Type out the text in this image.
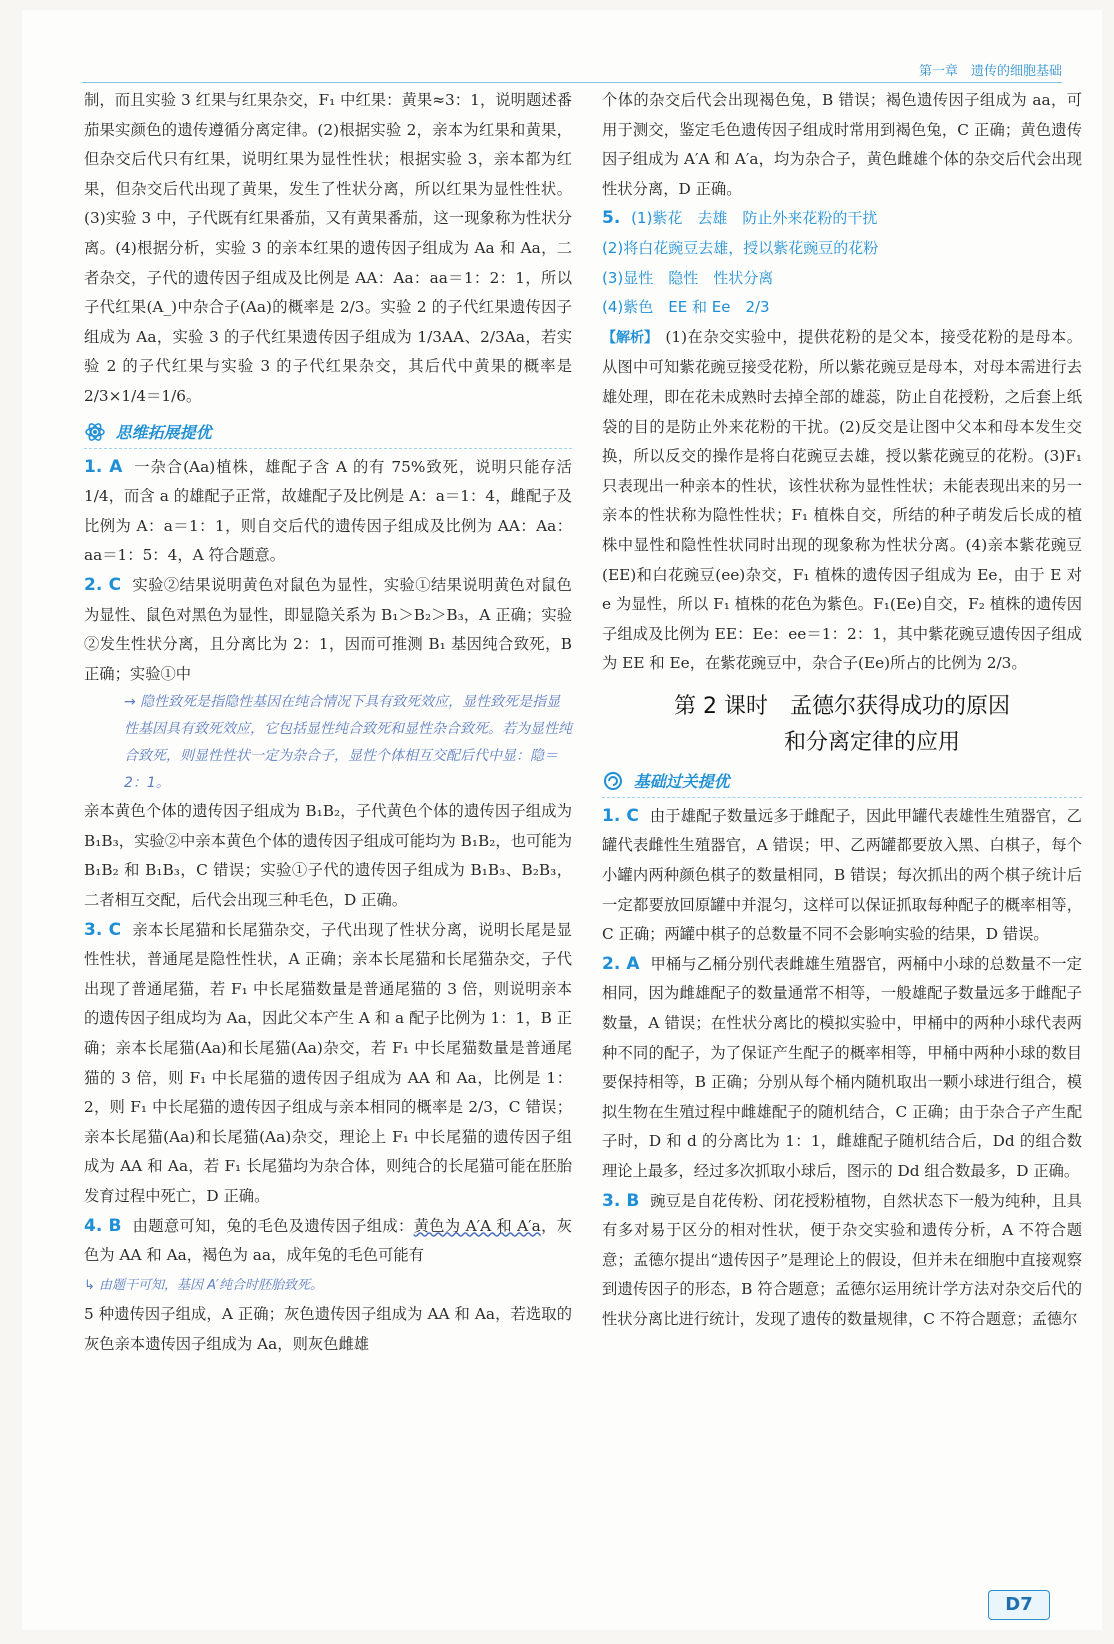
第一章　遗传的细胞基础

制，而且实验 3 红果与红果杂交，F₁ 中红果：黄果≈3：1，说明题述番茄果实颜色的遗传遵循分离定律。(2)根据实验 2，亲本为红果和黄果，但杂交后代只有红果，说明红果为显性性状；根据实验 3，亲本都为红果，但杂交后代出现了黄果，发生了性状分离，所以红果为显性性状。(3)实验 3 中，子代既有红果番茄，又有黄果番茄，这一现象称为性状分离。(4)根据分析，实验 3 的亲本红果的遗传因子组成为 Aa 和 Aa，二者杂交，子代的遗传因子组成及比例是 AA：Aa：aa＝1：2：1，所以子代红果(A_)中杂合子(Aa)的概率是 2/3。实验 2 的子代红果遗传因子组成为 Aa，实验 3 的子代红果遗传因子组成为 1/3AA、2/3Aa，若实验 2 的子代红果与实验 3 的子代红果杂交，其后代中黄果的概率是 2/3×1/4＝1/6。

思维拓展提优

1. A 一杂合(Aa)植株，雄配子含 A 的有 75%致死，说明只能存活 1/4，而含 a 的雄配子正常，故雄配子及比例是 A：a＝1：4，雌配子及比例为 A：a＝1：1，则自交后代的遗传因子组成及比例为 AA：Aa：aa＝1：5：4，A 符合题意。

2. C 实验②结果说明黄色对鼠色为显性，实验①结果说明黄色对鼠色为显性、鼠色对黑色为显性，即显隐关系为 B₁＞B₂＞B₃，A 正确；实验②发生性状分离，且分离比为 2：1，因而可推测 B₁ 基因纯合致死，B 正确；实验①中

→ 隐性致死是指隐性基因在纯合情况下具有致死效应，显性致死是指显性基因具有致死效应，它包括显性纯合致死和显性杂合致死。若为显性纯合致死，则显性性状一定为杂合子，显性个体相互交配后代中显：隐＝2：1。

亲本黄色个体的遗传因子组成为 B₁B₂，子代黄色个体的遗传因子组成为 B₁B₃，实验②中亲本黄色个体的遗传因子组成可能均为 B₁B₂，也可能为 B₁B₂ 和 B₁B₃，C 错误；实验①子代的遗传因子组成为 B₁B₃、B₂B₃，二者相互交配，后代会出现三种毛色，D 正确。

3. C 亲本长尾猫和长尾猫杂交，子代出现了性状分离，说明长尾是显性性状，普通尾是隐性性状，A 正确；亲本长尾猫和长尾猫杂交，子代出现了普通尾猫，若 F₁ 中长尾猫数量是普通尾猫的 3 倍，则说明亲本的遗传因子组成均为 Aa，因此父本产生 A 和 a 配子比例为 1：1，B 正确；亲本长尾猫(Aa)和长尾猫(Aa)杂交，若 F₁ 中长尾猫数量是普通尾猫的 3 倍，则 F₁ 中长尾猫的遗传因子组成为 AA 和 Aa，比例是 1：2，则 F₁ 中长尾猫的遗传因子组成与亲本相同的概率是 2/3，C 错误；亲本长尾猫(Aa)和长尾猫(Aa)杂交，理论上 F₁ 中长尾猫的遗传因子组成为 AA 和 Aa，若 F₁ 长尾猫均为杂合体，则纯合的长尾猫可能在胚胎发育过程中死亡，D 正确。

4. B 由题意可知，兔的毛色及遗传因子组成：黄色为 A′A 和 A′a，灰色为 AA 和 Aa，褐色为 aa，成年兔的毛色可能有

↳ 由题干可知，基因 A′纯合时胚胎致死。

5 种遗传因子组成，A 正确；灰色遗传因子组成为 AA 和 Aa，若选取的灰色亲本遗传因子组成为 Aa，则灰色雌雄

个体的杂交后代会出现褐色兔，B 错误；褐色遗传因子组成为 aa，可用于测交，鉴定毛色遗传因子组成时常用到褐色兔，C 正确；黄色遗传因子组成为 A′A 和 A′a，均为杂合子，黄色雌雄个体的杂交后代会出现性状分离，D 正确。

5. (1)紫花　去雄　防止外来花粉的干扰

(2)将白花豌豆去雄，授以紫花豌豆的花粉

(3)显性　隐性　性状分离

(4)紫色　EE 和 Ee　2/3

【解析】 (1)在杂交实验中，提供花粉的是父本，接受花粉的是母本。从图中可知紫花豌豆接受花粉，所以紫花豌豆是母本，对母本需进行去雄处理，即在花未成熟时去掉全部的雄蕊，防止自花授粉，之后套上纸袋的目的是防止外来花粉的干扰。(2)反交是让图中父本和母本发生交换，所以反交的操作是将白花豌豆去雄，授以紫花豌豆的花粉。(3)F₁ 只表现出一种亲本的性状，该性状称为显性性状；未能表现出来的另一亲本的性状称为隐性性状；F₁ 植株自交，所结的种子萌发后长成的植株中显性和隐性性状同时出现的现象称为性状分离。(4)亲本紫花豌豆(EE)和白花豌豆(ee)杂交，F₁ 植株的遗传因子组成为 Ee，由于 E 对 e 为显性，所以 F₁ 植株的花色为紫色。F₁(Ee)自交，F₂ 植株的遗传因子组成及比例为 EE：Ee：ee＝1：2：1，其中紫花豌豆遗传因子组成为 EE 和 Ee，在紫花豌豆中，杂合子(Ee)所占的比例为 2/3。

第 2 课时　孟德尔获得成功的原因
和分离定律的应用
基础过关提优

1. C 由于雄配子数量远多于雌配子，因此甲罐代表雄性生殖器官，乙罐代表雌性生殖器官，A 错误；甲、乙两罐都要放入黑、白棋子，每个小罐内两种颜色棋子的数量相同，B 错误；每次抓出的两个棋子统计后一定都要放回原罐中并混匀，这样可以保证抓取每种配子的概率相等，C 正确；两罐中棋子的总数量不同不会影响实验的结果，D 错误。

2. A 甲桶与乙桶分别代表雌雄生殖器官，两桶中小球的总数量不一定相同，因为雌雄配子的数量通常不相等，一般雄配子数量远多于雌配子数量，A 错误；在性状分离比的模拟实验中，甲桶中的两种小球代表两种不同的配子，为了保证产生配子的概率相等，甲桶中两种小球的数目要保持相等，B 正确；分别从每个桶内随机取出一颗小球进行组合，模拟生物在生殖过程中雌雄配子的随机结合，C 正确；由于杂合子产生配子时，D 和 d 的分离比为 1：1，雌雄配子随机结合后，Dd 的组合数理论上最多，经过多次抓取小球后，图示的 Dd 组合数最多，D 正确。

3. B 豌豆是自花传粉、闭花授粉植物，自然状态下一般为纯种，且具有多对易于区分的相对性状，便于杂交实验和遗传分析，A 不符合题意；孟德尔提出“遗传因子”是理论上的假设，但并未在细胞中直接观察到遗传因子的形态，B 符合题意；孟德尔运用统计学方法对杂交后代的性状分离比进行统计，发现了遗传的数量规律，C 不符合题意；孟德尔

D7
